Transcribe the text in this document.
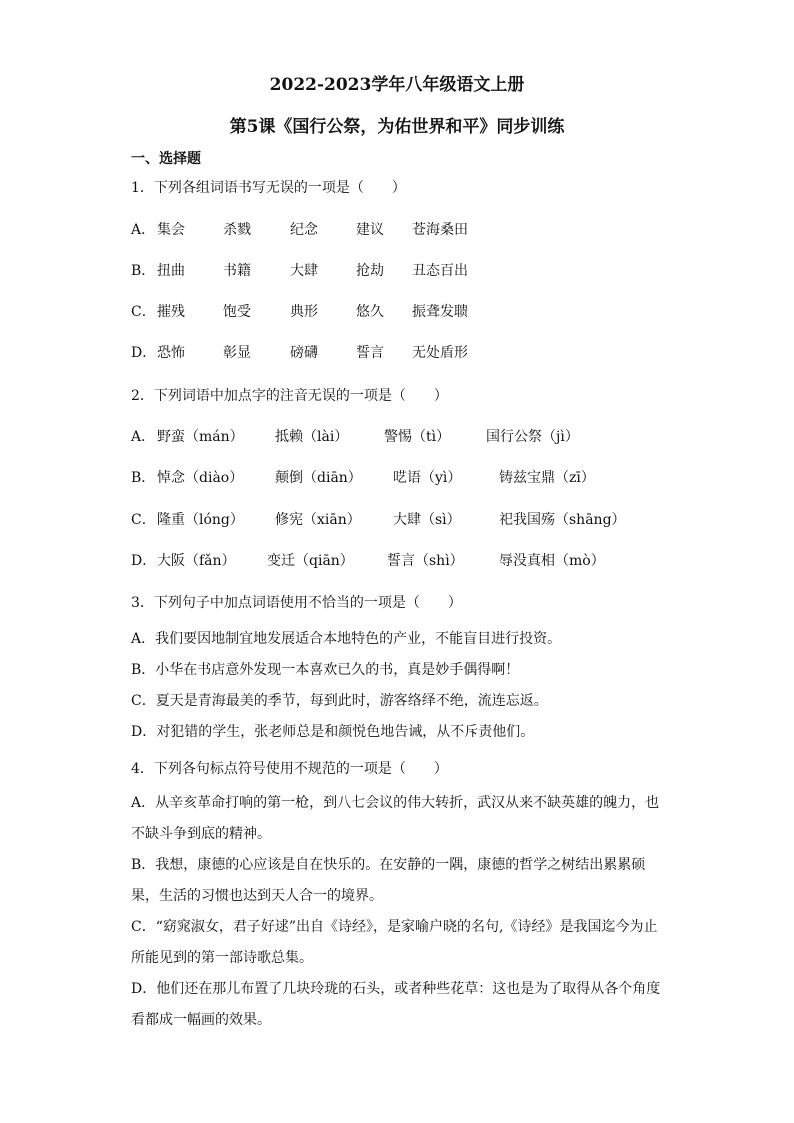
2022-2023学年八年级语文上册
第5课《国行公祭，为佑世界和平》同步训练
一、选择题
1．下列各组词语书写无误的一项是（　　）
A． 集会	杀戮	纪念	建议 苍海桑田
B． 扭曲	书籍	大肆	抢劫 丑态百出
C． 摧残	饱受	典形	悠久 振聋发聩
D． 恐怖	彰显	磅礴	誓言 无处盾形
2．下列词语中加点字的注音无误的一项是（　　）
A． 野蛮（mán） 抵赖（lài）	警惕（tì）	国行公祭（jì）
B． 悼念（diào） 颠倒（diān） 呓语（yì）	铸兹宝鼎（zī）
C． 隆重（lóng） 修宪（xiān） 大肆（sì）	祀我国殇（shāng）
D． 大阪（fǎn） 变迁（qiān） 誓言（shì）	辱没真相（mò）
3．下列句子中加点词语使用不恰当的一项是（　　）
A．我们要因地制宜地发展适合本地特色的产业，不能盲目进行投资。
B．小华在书店意外发现一本喜欢已久的书，真是妙手偶得啊！
C．夏天是青海最美的季节，每到此时，游客络绎不绝，流连忘返。
D．对犯错的学生，张老师总是和颜悦色地告诫，从不斥责他们。
4．下列各句标点符号使用不规范的一项是（　　）
A．从辛亥革命打响的第一枪，到八七会议的伟大转折，武汉从来不缺英雄的魄力，也不缺斗争到底的精神。
B．我想，康德的心应该是自在快乐的。在安静的一隅，康德的哲学之树结出累累硕果，生活的习惯也达到天人合一的境界。
C．“窈窕淑女，君子好逑”出自《诗经》，是家喻户晓的名句,《诗经》是我国迄今为止所能见到的第一部诗歌总集。
D．他们还在那儿布置了几块玲珑的石头，或者种些花草：这也是为了取得从各个角度看都成一幅画的效果。
